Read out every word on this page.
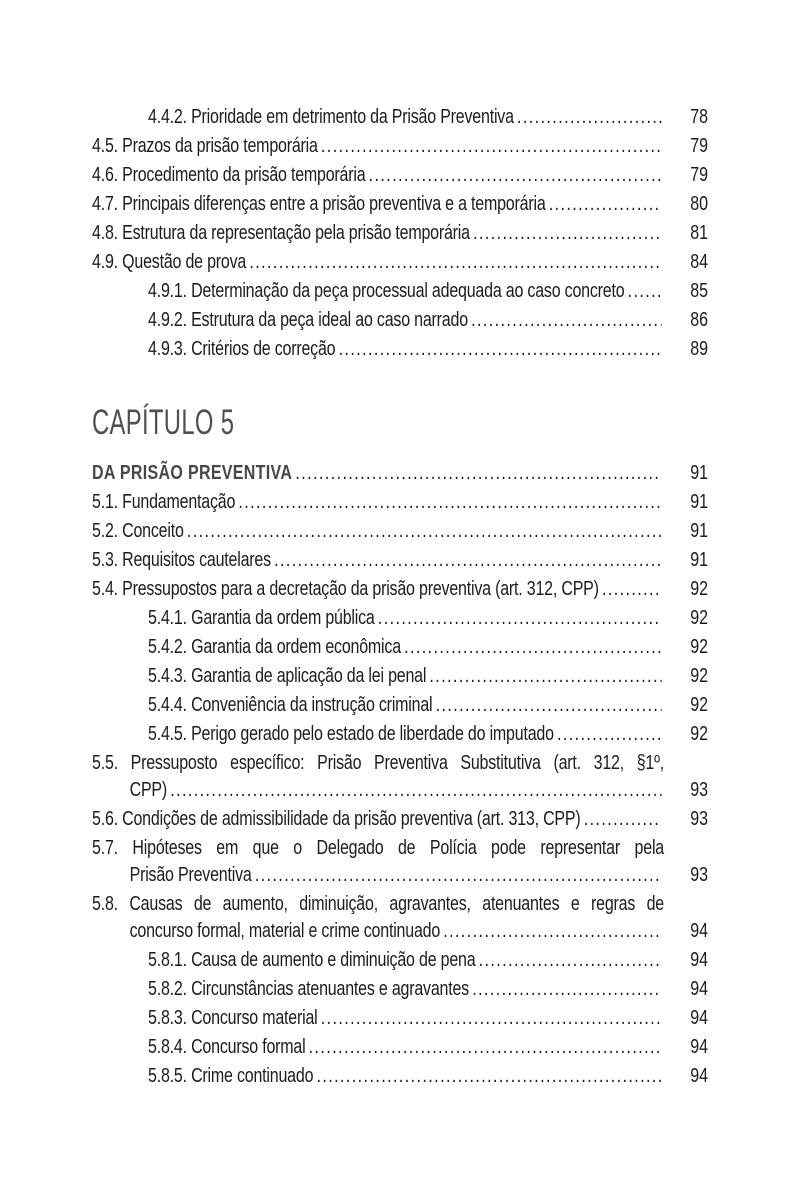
4.4.2. Prioridade em detrimento da Prisão Preventiva .....	78
4.5. Prazos da prisão temporária .....	79
4.6. Procedimento da prisão temporária .....	79
4.7. Principais diferenças entre a prisão preventiva e a temporária .....	80
4.8. Estrutura da representação pela prisão temporária .....	81
4.9. Questão de prova .....	84
4.9.1. Determinação da peça processual adequada ao caso concreto .....	85
4.9.2. Estrutura da peça ideal ao caso narrado .....	86
4.9.3. Critérios de correção .....	89
CAPÍTULO 5
DA PRISÃO PREVENTIVA .....	91
5.1. Fundamentação .....	91
5.2. Conceito .....	91
5.3. Requisitos cautelares .....	91
5.4. Pressupostos para a decretação da prisão preventiva (art. 312, CPP) .....	92
5.4.1. Garantia da ordem pública .....	92
5.4.2. Garantia da ordem econômica .....	92
5.4.3. Garantia de aplicação da lei penal .....	92
5.4.4. Conveniência da instrução criminal .....	92
5.4.5. Perigo gerado pelo estado de liberdade do imputado .....	92
5.5. Pressuposto específico: Prisão Preventiva Substitutiva (art. 312, §1º,
CPP) .....	93
5.6. Condições de admissibilidade da prisão preventiva (art. 313, CPP) .....	93
5.7. Hipóteses em que o Delegado de Polícia pode representar pela
Prisão Preventiva .....	93
5.8. Causas de aumento, diminuição, agravantes, atenuantes e regras de
concurso formal, material e crime continuado .....	94
5.8.1. Causa de aumento e diminuição de pena .....	94
5.8.2. Circunstâncias atenuantes e agravantes .....	94
5.8.3. Concurso material .....	94
5.8.4. Concurso formal .....	94
5.8.5. Crime continuado .....	94
